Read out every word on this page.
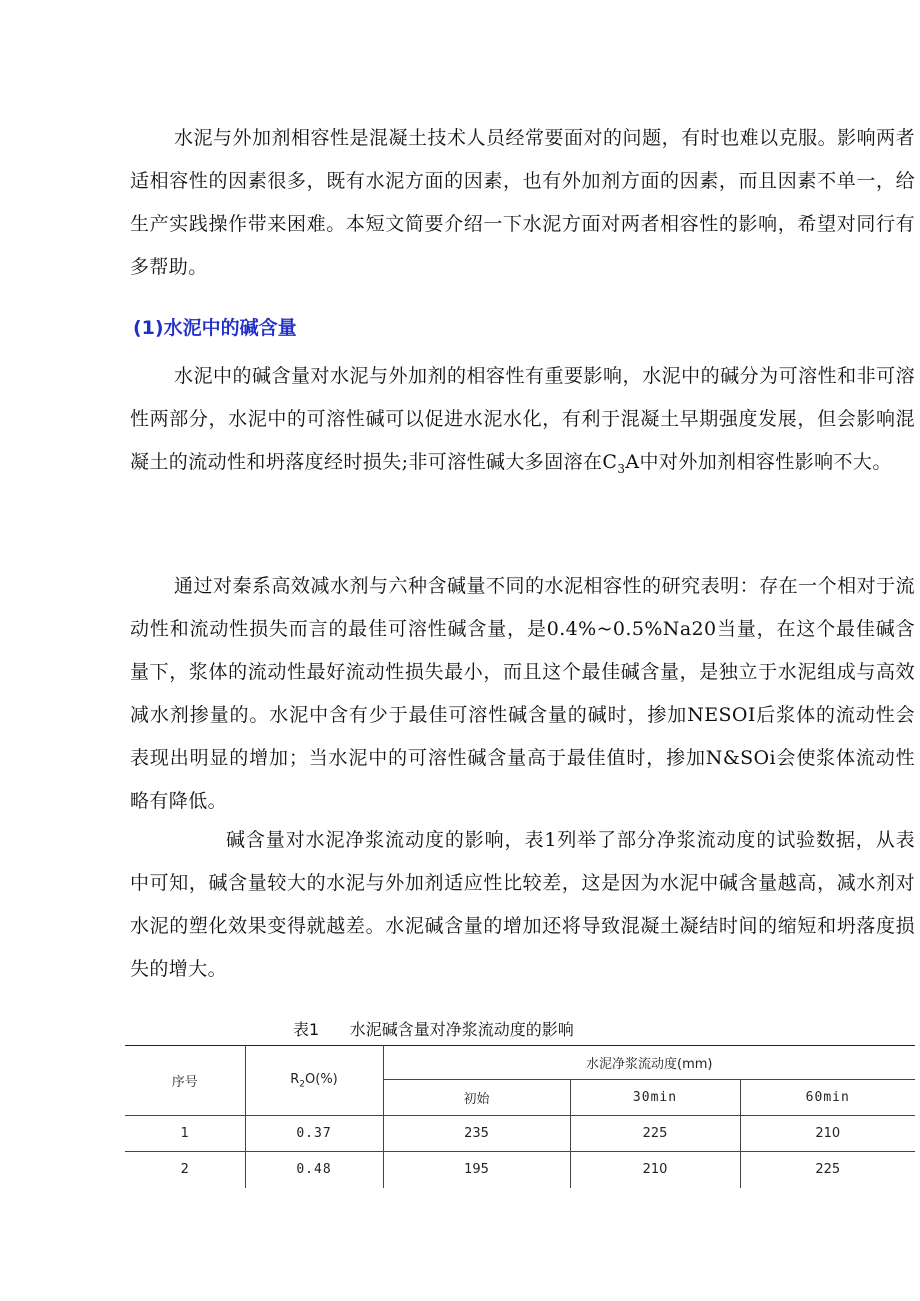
水泥与外加剂相容性是混凝土技术人员经常要面对的问题，有时也难以克服。影响两者适相容性的因素很多，既有水泥方面的因素，也有外加剂方面的因素，而且因素不单一，给生产实践操作带来困难。本短文简要介绍一下水泥方面对两者相容性的影响，希望对同行有多帮助。

(1)水泥中的碱含量

水泥中的碱含量对水泥与外加剂的相容性有重要影响，水泥中的碱分为可溶性和非可溶性两部分，水泥中的可溶性碱可以促进水泥水化，有利于混凝土早期强度发展，但会影响混凝土的流动性和坍落度经时损失;非可溶性碱大多固溶在$C_3A$中对外加剂相容性影响不大。

通过对秦系高效减水剂与六种含碱量不同的水泥相容性的研究表明：存在一个相对于流动性和流动性损失而言的最佳可溶性碱含量，是0.4%~0.5%Na20当量，在这个最佳碱含量下，浆体的流动性最好流动性损失最小，而且这个最佳碱含量，是独立于水泥组成与高效减水剂掺量的。水泥中含有少于最佳可溶性碱含量的碱时，掺加NESOI后浆体的流动性会表现出明显的增加；当水泥中的可溶性碱含量高于最佳值时，掺加N&SOi会使浆体流动性略有降低。

碱含量对水泥净浆流动度的影响，表1列举了部分净浆流动度的试验数据，从表中可知，碱含量较大的水泥与外加剂适应性比较差，这是因为水泥中碱含量越高，减水剂对水泥的塑化效果变得就越差。水泥碱含量的增加还将导致混凝土凝结时间的缩短和坍落度损失的增大。

表1      水泥碱含量对净浆流动度的影响

序号	$R_2O(\%)$	水泥净浆流动度(mm)		
		初始	30min	60min
1	0.37	235	225	210
2	0.48	195	210	225
